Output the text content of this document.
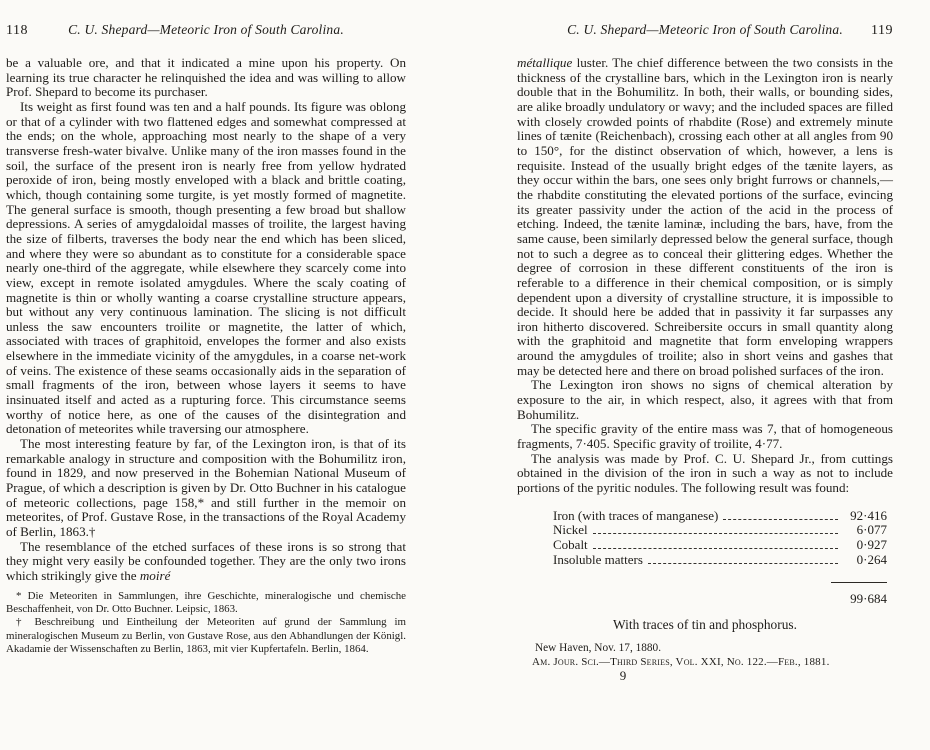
118	C. U. Shepard—Meteoric Iron of South Carolina.

be a valuable ore, and that it indicated a mine upon his property. On learning its true character he relinquished the idea and was willing to allow Prof. Shepard to become its purchaser.

Its weight as first found was ten and a half pounds. Its figure was oblong or that of a cylinder with two flattened edges and somewhat compressed at the ends; on the whole, approaching most nearly to the shape of a very transverse fresh-water bivalve. Unlike many of the iron masses found in the soil, the surface of the present iron is nearly free from yellow hydrated peroxide of iron, being mostly enveloped with a black and brittle coating, which, though containing some turgite, is yet mostly formed of magnetite. The general surface is smooth, though presenting a few broad but shallow depressions. A series of amygdaloidal masses of troilite, the largest having the size of filberts, traverses the body near the end which has been sliced, and where they were so abundant as to constitute for a considerable space nearly one-third of the aggregate, while elsewhere they scarcely come into view, except in remote isolated amygdules. Where the scaly coating of magnetite is thin or wholly wanting a coarse crystalline structure appears, but without any very continuous lamination. The slicing is not difficult unless the saw encounters troilite or magnetite, the latter of which, associated with traces of graphitoid, envelopes the former and also exists elsewhere in the immediate vicinity of the amygdules, in a coarse net-work of veins. The existence of these seams occasionally aids in the separation of small fragments of the iron, between whose layers it seems to have insinuated itself and acted as a rupturing force. This circumstance seems worthy of notice here, as one of the causes of the disintegration and detonation of meteorites while traversing our atmosphere.

The most interesting feature by far, of the Lexington iron, is that of its remarkable analogy in structure and composition with the Bohumilitz iron, found in 1829, and now preserved in the Bohemian National Museum of Prague, of which a description is given by Dr. Otto Buchner in his catalogue of meteoric collections, page 158,* and still further in the memoir on meteorites, of Prof. Gustave Rose, in the transactions of the Royal Academy of Berlin, 1863.†

The resemblance of the etched surfaces of these irons is so strong that they might very easily be confounded together. They are the only two irons which strikingly give the moiré

* Die Meteoriten in Sammlungen, ihre Geschichte, mineralogische und chemische Beschaffenheit, von Dr. Otto Buchner. Leipsic, 1863.

† Beschreibung und Eintheilung der Meteoriten auf grund der Sammlung im mineralogischen Museum zu Berlin, von Gustave Rose, aus den Abhandlungen der Königl. Akadamie der Wissenschaften zu Berlin, 1863, mit vier Kupfertafeln. Berlin, 1864.

C. U. Shepard—Meteoric Iron of South Carolina.	119

métallique luster. The chief difference between the two consists in the thickness of the crystalline bars, which in the Lexington iron is nearly double that in the Bohumilitz. In both, their walls, or bounding sides, are alike broadly undulatory or wavy; and the included spaces are filled with closely crowded points of rhabdite (Rose) and extremely minute lines of tænite (Reichenbach), crossing each other at all angles from 90 to 150°, for the distinct observation of which, however, a lens is requisite. Instead of the usually bright edges of the tænite layers, as they occur within the bars, one sees only bright furrows or channels,—the rhabdite constituting the elevated portions of the surface, evincing its greater passivity under the action of the acid in the process of etching. Indeed, the tænite laminæ, including the bars, have, from the same cause, been similarly depressed below the general surface, though not to such a degree as to conceal their glittering edges. Whether the degree of corrosion in these different constituents of the iron is referable to a difference in their chemical composition, or is simply dependent upon a diversity of crystalline structure, it is impossible to decide. It should here be added that in passivity it far surpasses any iron hitherto discovered. Schreibersite occurs in small quantity along with the graphitoid and magnetite that form enveloping wrappers around the amygdules of troilite; also in short veins and gashes that may be detected here and there on broad polished surfaces of the iron.

The Lexington iron shows no signs of chemical alteration by exposure to the air, in which respect, also, it agrees with that from Bohumilitz.

The specific gravity of the entire mass was 7, that of homogeneous fragments, 7·405. Specific gravity of troilite, 4·77.

The analysis was made by Prof. C. U. Shepard Jr., from cuttings obtained in the division of the iron in such a way as not to include portions of the pyritic nodules. The following result was found:

Iron (with traces of manganese)	92·416
Nickel	6·077
Cobalt	0·927
Insoluble matters	0·264

99·684

With traces of tin and phosphorus.

New Haven, Nov. 17, 1880.

Am. Jour. Sci.—Third Series, Vol. XXI, No. 122.—Feb., 1881.

9
